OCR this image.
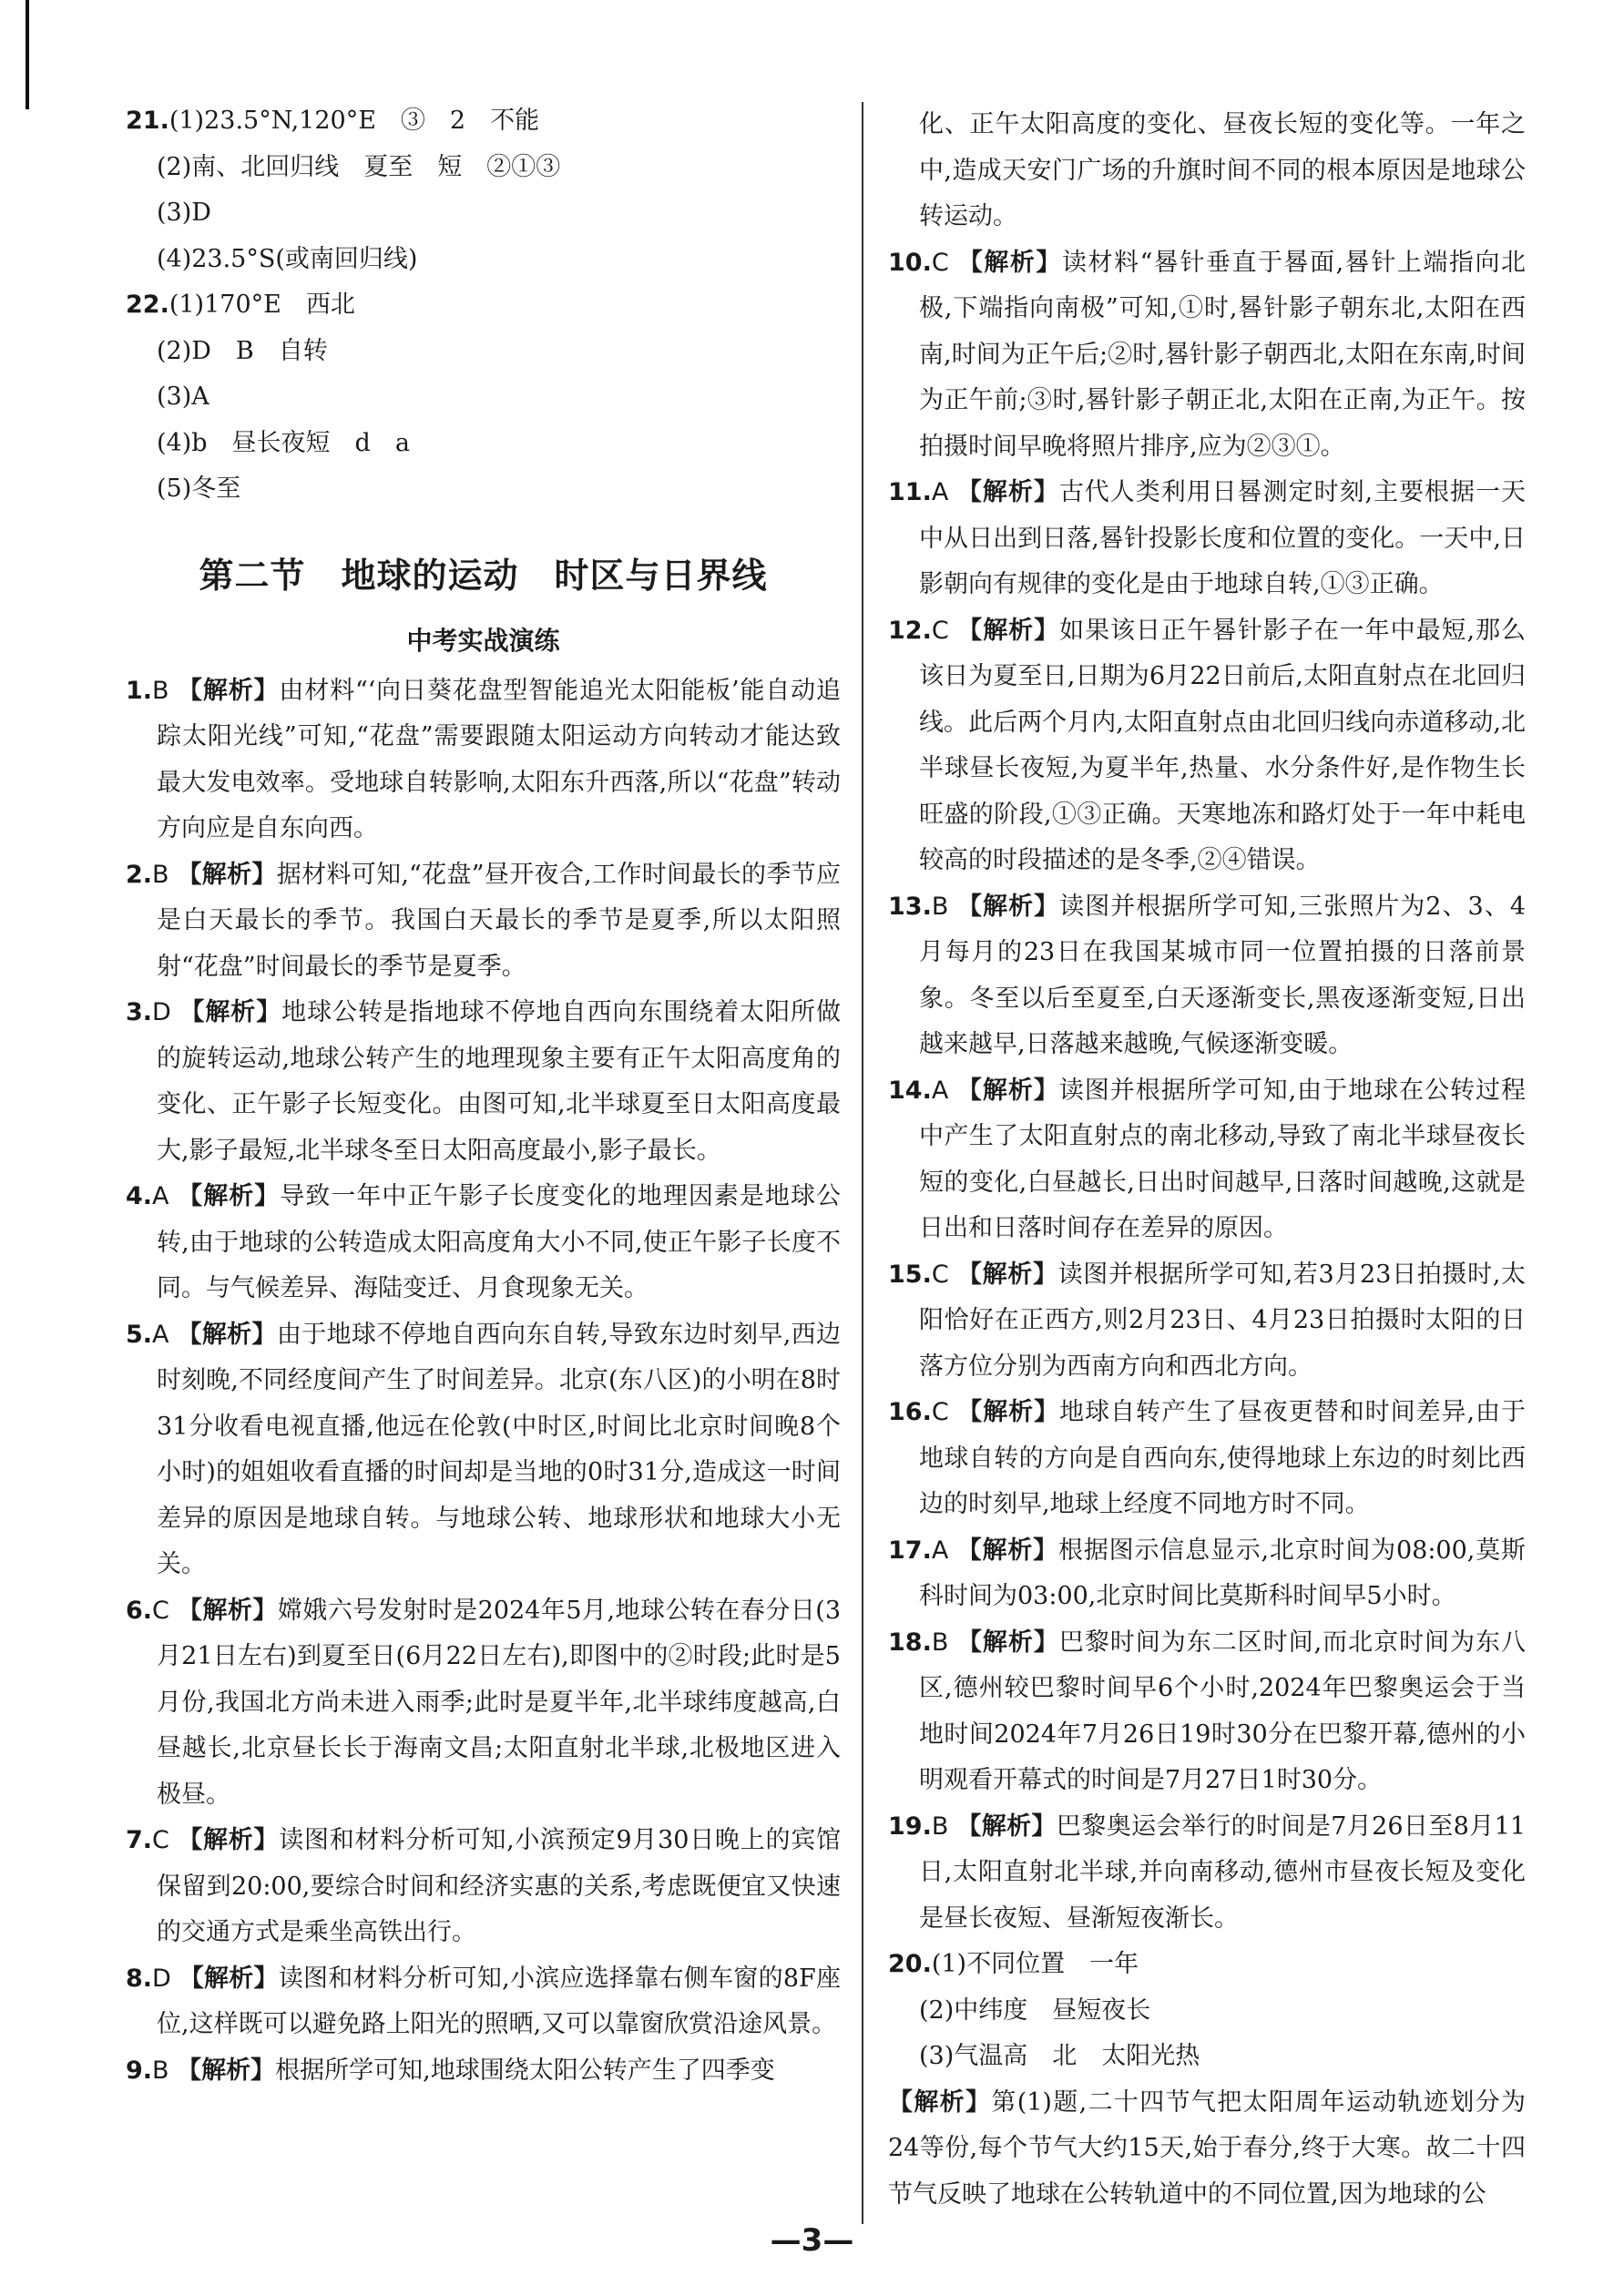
21.(1)23.5°N,120°E　③　2　不能

(2)南、北回归线　夏至　短　②①③

(3)D

(4)23.5°S(或南回归线)

22.(1)170°E　西北

(2)D　B　自转

(3)A

(4)b　昼长夜短　d　a

(5)冬至

第二节　地球的运动　时区与日界线
中考实战演练

1.B 【解析】由材料“‘向日葵花盘型智能追光太阳能板’能自动追踪太阳光线”可知,“花盘”需要跟随太阳运动方向转动才能达致最大发电效率。受地球自转影响,太阳东升西落,所以“花盘”转动方向应是自东向西。

2.B 【解析】据材料可知,“花盘”昼开夜合,工作时间最长的季节应是白天最长的季节。我国白天最长的季节是夏季,所以太阳照射“花盘”时间最长的季节是夏季。

3.D 【解析】地球公转是指地球不停地自西向东围绕着太阳所做的旋转运动,地球公转产生的地理现象主要有正午太阳高度角的变化、正午影子长短变化。由图可知,北半球夏至日太阳高度最大,影子最短,北半球冬至日太阳高度最小,影子最长。

4.A 【解析】导致一年中正午影子长度变化的地理因素是地球公转,由于地球的公转造成太阳高度角大小不同,使正午影子长度不同。与气候差异、海陆变迁、月食现象无关。

5.A 【解析】由于地球不停地自西向东自转,导致东边时刻早,西边时刻晚,不同经度间产生了时间差异。北京(东八区)的小明在8时31分收看电视直播,他远在伦敦(中时区,时间比北京时间晚8个小时)的姐姐收看直播的时间却是当地的0时31分,造成这一时间差异的原因是地球自转。与地球公转、地球形状和地球大小无关。

6.C 【解析】嫦娥六号发射时是2024年5月,地球公转在春分日(3月21日左右)到夏至日(6月22日左右),即图中的②时段;此时是5月份,我国北方尚未进入雨季;此时是夏半年,北半球纬度越高,白昼越长,北京昼长长于海南文昌;太阳直射北半球,北极地区进入极昼。

7.C 【解析】读图和材料分析可知,小滨预定9月30日晚上的宾馆保留到20:00,要综合时间和经济实惠的关系,考虑既便宜又快速的交通方式是乘坐高铁出行。

8.D 【解析】读图和材料分析可知,小滨应选择靠右侧车窗的8F座位,这样既可以避免路上阳光的照晒,又可以靠窗欣赏沿途风景。

9.B 【解析】根据所学可知,地球围绕太阳公转产生了四季变

化、正午太阳高度的变化、昼夜长短的变化等。一年之中,造成天安门广场的升旗时间不同的根本原因是地球公转运动。

10.C 【解析】读材料“晷针垂直于晷面,晷针上端指向北极,下端指向南极”可知,①时,晷针影子朝东北,太阳在西南,时间为正午后;②时,晷针影子朝西北,太阳在东南,时间为正午前;③时,晷针影子朝正北,太阳在正南,为正午。按拍摄时间早晚将照片排序,应为②③①。

11.A 【解析】古代人类利用日晷测定时刻,主要根据一天中从日出到日落,晷针投影长度和位置的变化。一天中,日影朝向有规律的变化是由于地球自转,①③正确。

12.C 【解析】如果该日正午晷针影子在一年中最短,那么该日为夏至日,日期为6月22日前后,太阳直射点在北回归线。此后两个月内,太阳直射点由北回归线向赤道移动,北半球昼长夜短,为夏半年,热量、水分条件好,是作物生长旺盛的阶段,①③正确。天寒地冻和路灯处于一年中耗电较高的时段描述的是冬季,②④错误。

13.B 【解析】读图并根据所学可知,三张照片为2、3、4月每月的23日在我国某城市同一位置拍摄的日落前景象。冬至以后至夏至,白天逐渐变长,黑夜逐渐变短,日出越来越早,日落越来越晚,气候逐渐变暖。

14.A 【解析】读图并根据所学可知,由于地球在公转过程中产生了太阳直射点的南北移动,导致了南北半球昼夜长短的变化,白昼越长,日出时间越早,日落时间越晚,这就是日出和日落时间存在差异的原因。

15.C 【解析】读图并根据所学可知,若3月23日拍摄时,太阳恰好在正西方,则2月23日、4月23日拍摄时太阳的日落方位分别为西南方向和西北方向。

16.C 【解析】地球自转产生了昼夜更替和时间差异,由于地球自转的方向是自西向东,使得地球上东边的时刻比西边的时刻早,地球上经度不同地方时不同。

17.A 【解析】根据图示信息显示,北京时间为08:00,莫斯科时间为03:00,北京时间比莫斯科时间早5小时。

18.B 【解析】巴黎时间为东二区时间,而北京时间为东八区,德州较巴黎时间早6个小时,2024年巴黎奥运会于当地时间2024年7月26日19时30分在巴黎开幕,德州的小明观看开幕式的时间是7月27日1时30分。

19.B 【解析】巴黎奥运会举行的时间是7月26日至8月11日,太阳直射北半球,并向南移动,德州市昼夜长短及变化是昼长夜短、昼渐短夜渐长。

20.(1)不同位置　一年

(2)中纬度　昼短夜长

(3)气温高　北　太阳光热

【解析】第(1)题,二十四节气把太阳周年运动轨迹划分为24等份,每个节气大约15天,始于春分,终于大寒。故二十四节气反映了地球在公转轨道中的不同位置,因为地球的公

—3—
